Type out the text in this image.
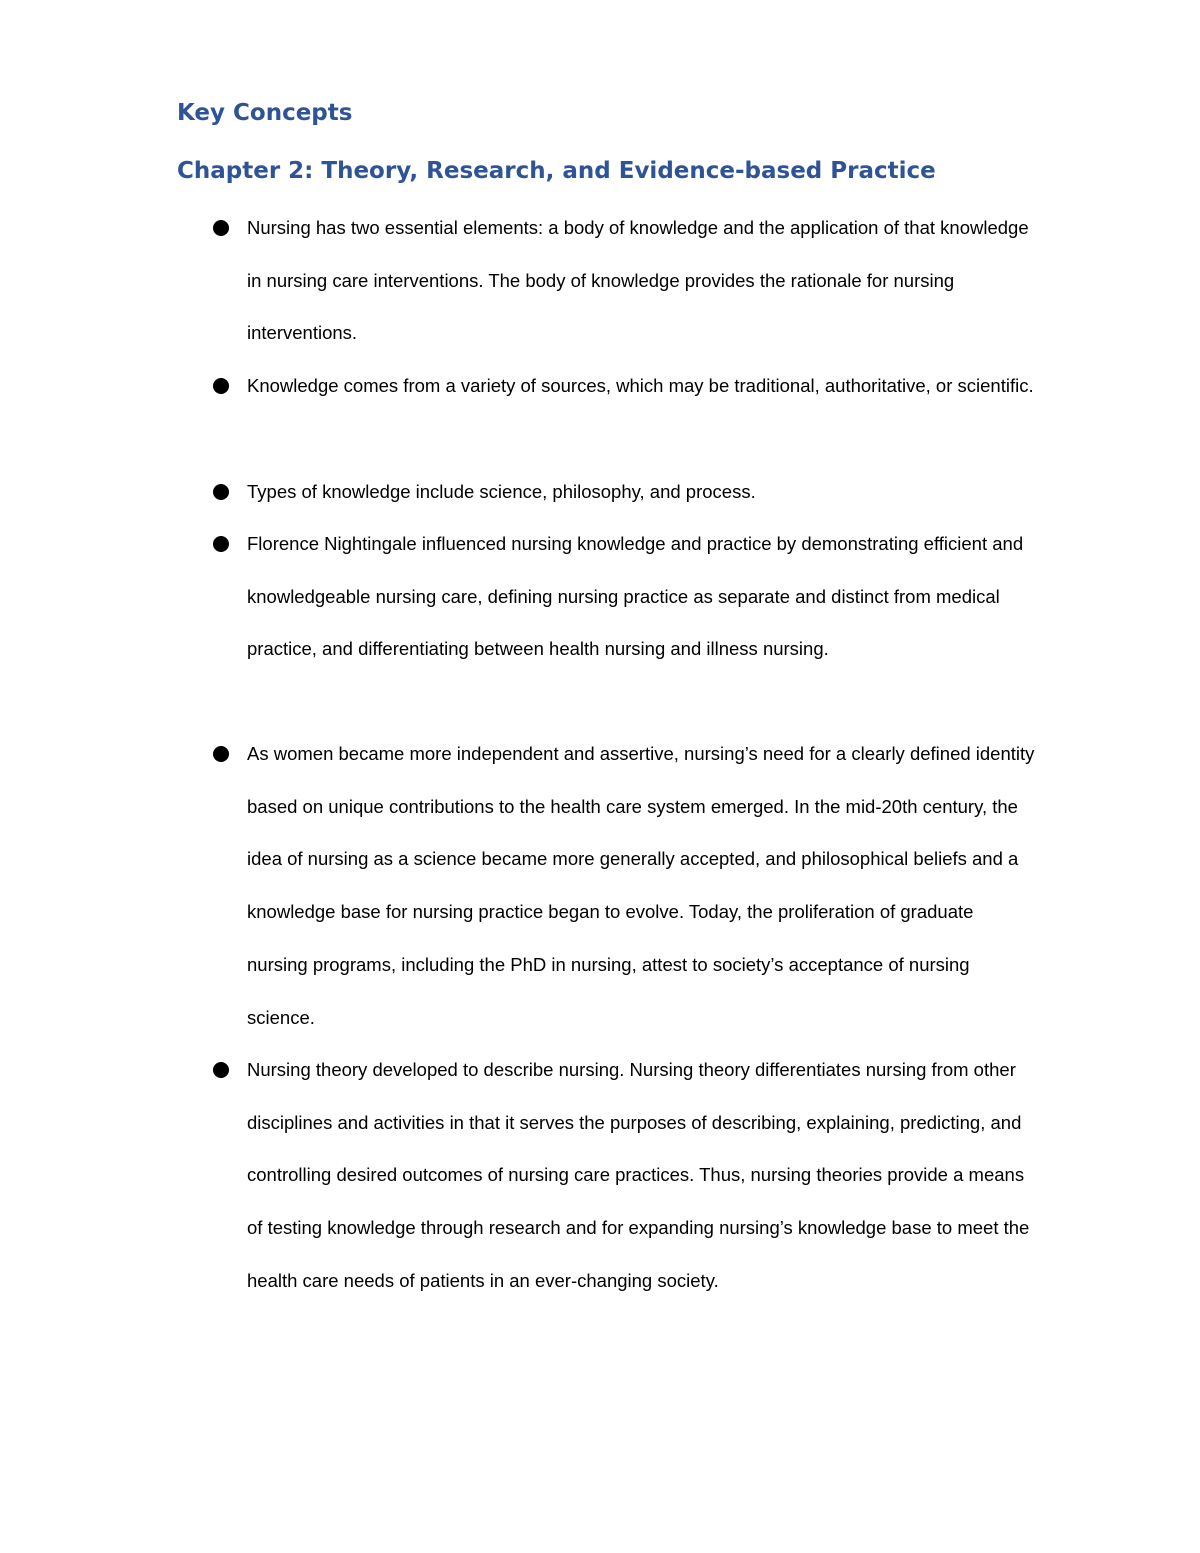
Key Concepts
Chapter 2: Theory, Research, and Evidence-based Practice
Nursing has two essential elements: a body of knowledge and the application of that knowledge in nursing care interventions. The body of knowledge provides the rationale for nursing interventions.
Knowledge comes from a variety of sources, which may be traditional, authoritative, or scientific.
Types of knowledge include science, philosophy, and process.
Florence Nightingale influenced nursing knowledge and practice by demonstrating efficient and knowledgeable nursing care, defining nursing practice as separate and distinct from medical practice, and differentiating between health nursing and illness nursing.
As women became more independent and assertive, nursing’s need for a clearly defined identity based on unique contributions to the health care system emerged. In the mid-20th century, the idea of nursing as a science became more generally accepted, and philosophical beliefs and a knowledge base for nursing practice began to evolve. Today, the proliferation of graduate nursing programs, including the PhD in nursing, attest to society’s acceptance of nursing science.
Nursing theory developed to describe nursing. Nursing theory differentiates nursing from other disciplines and activities in that it serves the purposes of describing, explaining, predicting, and controlling desired outcomes of nursing care practices. Thus, nursing theories provide a means of testing knowledge through research and for expanding nursing’s knowledge base to meet the health care needs of patients in an ever-changing society.
